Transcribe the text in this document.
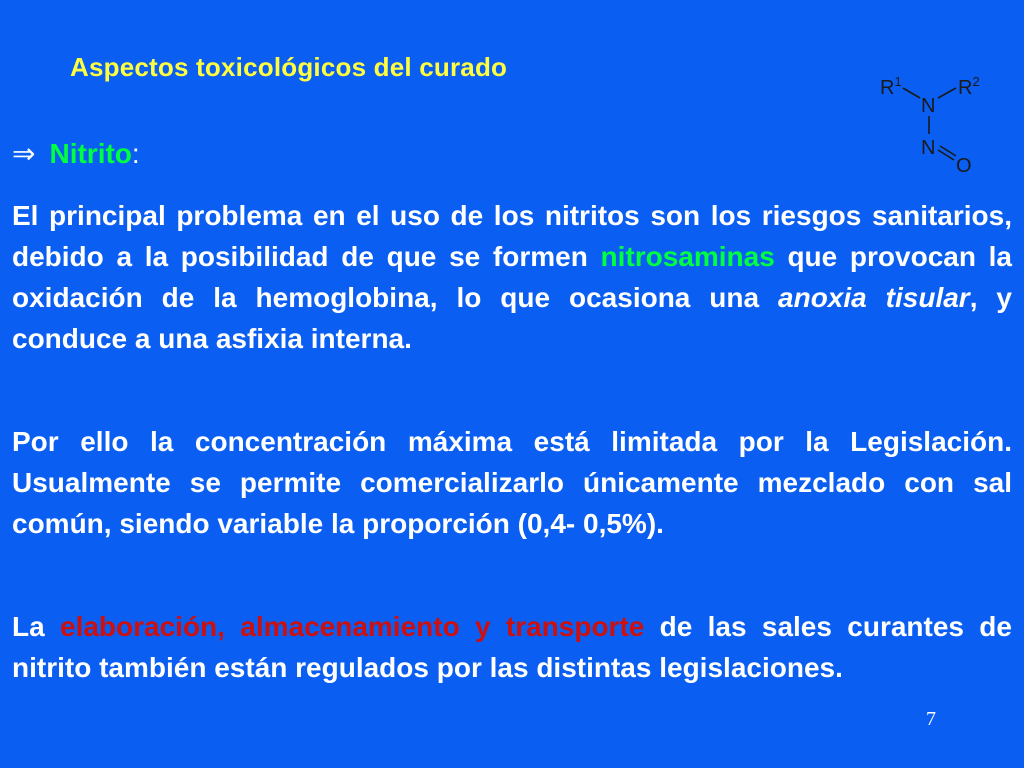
Aspectos toxicológicos del curado
$R^1$	$R^2$
N
N
O
⇒ Nitrito:
El principal problema en el uso de los nitritos son los riesgos sanitarios, debido a la posibilidad de que se formen nitrosaminas que provocan la oxidación de la hemoglobina, lo que ocasiona una anoxia tisular, y conduce a una asfixia interna.
Por ello la concentración máxima está limitada por la Legislación. Usualmente se permite comercializarlo únicamente mezclado con sal común, siendo variable la proporción (0,4- 0,5%).
La elaboración, almacenamiento y transporte de las sales curantes de nitrito también están regulados por las distintas legislaciones.
7
